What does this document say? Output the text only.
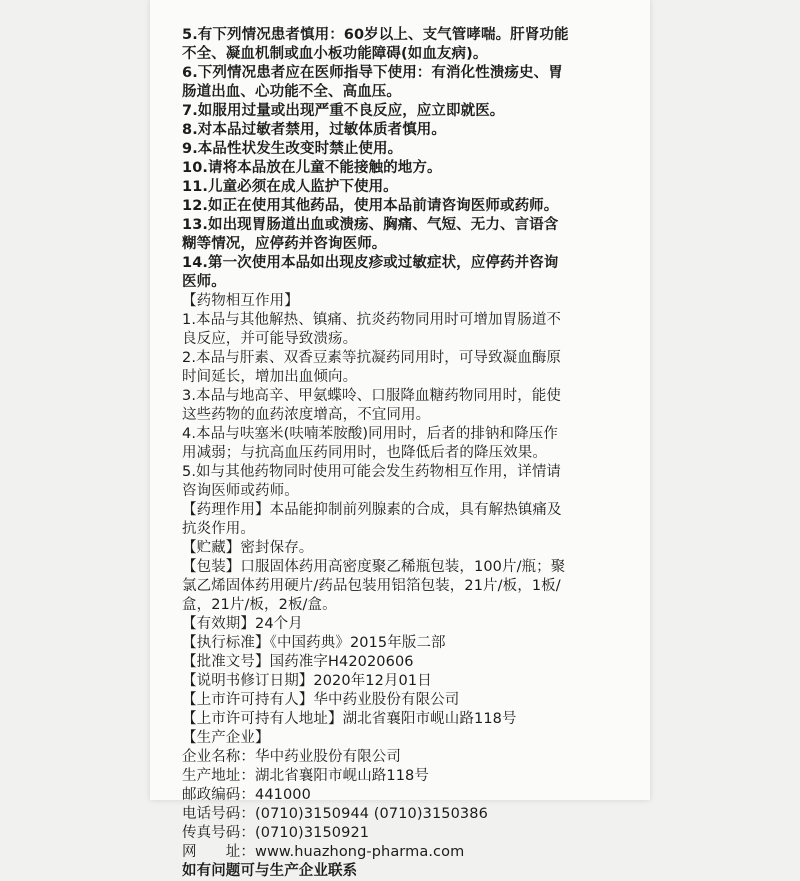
5.有下列情况患者慎用：60岁以上、支气管哮喘。肝肾功能
不全、凝血机制或血小板功能障碍(如血友病)。
6.下列情况患者应在医师指导下使用：有消化性溃疡史、胃
肠道出血、心功能不全、高血压。
7.如服用过量或出现严重不良反应，应立即就医。
8.对本品过敏者禁用，过敏体质者慎用。
9.本品性状发生改变时禁止使用。
10.请将本品放在儿童不能接触的地方。
11.儿童必须在成人监护下使用。
12.如正在使用其他药品，使用本品前请咨询医师或药师。
13.如出现胃肠道出血或溃疡、胸痛、气短、无力、言语含
糊等情况，应停药并咨询医师。
14.第一次使用本品如出现皮疹或过敏症状，应停药并咨询
医师。
【药物相互作用】
1.本品与其他解热、镇痛、抗炎药物同用时可增加胃肠道不
良反应，并可能导致溃疡。
2.本品与肝素、双香豆素等抗凝药同用时，可导致凝血酶原
时间延长，增加出血倾向。
3.本品与地高辛、甲氨蝶呤、口服降血糖药物同用时，能使
这些药物的血药浓度增高，不宜同用。
4.本品与呋塞米(呋喃苯胺酸)同用时，后者的排钠和降压作
用减弱；与抗高血压药同用时，也降低后者的降压效果。
5.如与其他药物同时使用可能会发生药物相互作用，详情请
咨询医师或药师。
【药理作用】本品能抑制前列腺素的合成，具有解热镇痛及
抗炎作用。
【贮藏】密封保存。
【包装】口服固体药用高密度聚乙稀瓶包装，100片/瓶；聚
氯乙烯固体药用硬片/药品包装用铝箔包装，21片/板，1板/
盒，21片/板，2板/盒。
【有效期】24个月
【执行标准】《中国药典》2015年版二部
【批准文号】国药准字H42020606
【说明书修订日期】2020年12月01日
【上市许可持有人】华中药业股份有限公司
【上市许可持有人地址】湖北省襄阳市岘山路118号
【生产企业】
企业名称：华中药业股份有限公司
生产地址：湖北省襄阳市岘山路118号
邮政编码：441000
电话号码：(0710)3150944 (0710)3150386
传真号码：(0710)3150921
网　　址：www.huazhong-pharma.com
如有问题可与生产企业联系
